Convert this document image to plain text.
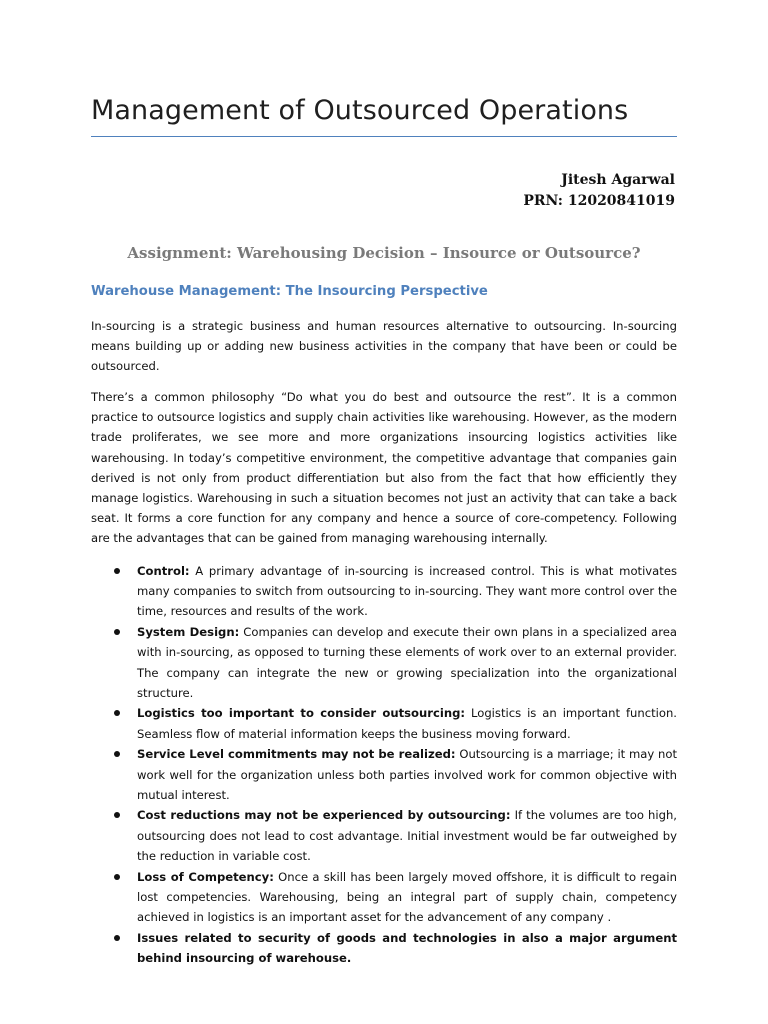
Management of Outsourced Operations
Jitesh Agarwal
PRN: 12020841019
Assignment: Warehousing Decision – Insource or Outsource?
Warehouse Management: The Insourcing Perspective

In-sourcing is a strategic business and human resources alternative to outsourcing. In-sourcing means building up or adding new business activities in the company that have been or could be outsourced.

There’s a common philosophy “Do what you do best and outsource the rest”. It is a common practice to outsource logistics and supply chain activities like warehousing. However, as the modern trade proliferates, we see more and more organizations insourcing logistics activities like warehousing. In today’s competitive environment, the competitive advantage that companies gain derived is not only from product differentiation but also from the fact that how efficiently they manage logistics. Warehousing in such a situation becomes not just an activity that can take a back seat. It forms a core function for any company and hence a source of core-competency. Following are the advantages that can be gained from managing warehousing internally.

Control: A primary advantage of in-sourcing is increased control. This is what motivates many companies to switch from outsourcing to in-sourcing. They want more control over the time, resources and results of the work.
System Design: Companies can develop and execute their own plans in a specialized area with in-sourcing, as opposed to turning these elements of work over to an external provider. The company can integrate the new or growing specialization into the organizational structure.
Logistics too important to consider outsourcing: Logistics is an important function. Seamless flow of material information keeps the business moving forward.
Service Level commitments may not be realized: Outsourcing is a marriage; it may not work well for the organization unless both parties involved work for common objective with mutual interest.
Cost reductions may not be experienced by outsourcing: If the volumes are too high, outsourcing does not lead to cost advantage. Initial investment would be far outweighed by the reduction in variable cost.
Loss of Competency: Once a skill has been largely moved offshore, it is difficult to regain lost competencies. Warehousing, being an integral part of supply chain, competency achieved in logistics is an important asset for the advancement of any company .
Issues related to security of goods and technologies in also a major argument behind insourcing of warehouse.
